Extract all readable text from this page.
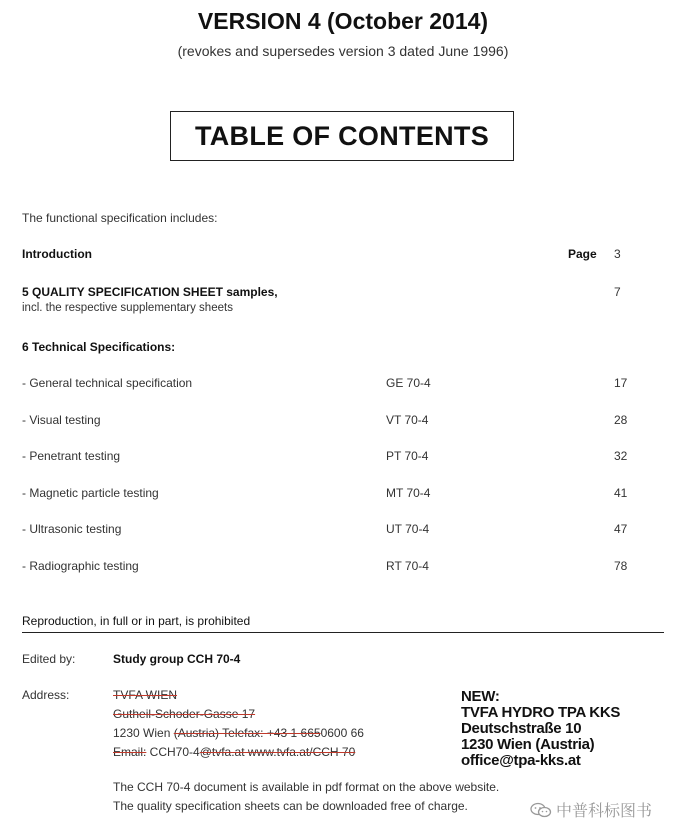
VERSION 4 (October 2014)
(revokes and supersedes version 3 dated June 1996)
TABLE OF CONTENTS
The functional specification includes:
Introduction	Page 3
5 QUALITY SPECIFICATION SHEET samples,
incl. the respective supplementary sheets
7
6 Technical Specifications:
- General technical specification	GE 70-4	17
- Visual testing	VT 70-4	28
- Penetrant testing	PT 70-4	32
- Magnetic particle testing	MT 70-4	41
- Ultrasonic testing	UT 70-4	47
- Radiographic testing	RT 70-4	78
Reproduction, in full or in part, is prohibited
Edited by:	Study group CCH 70-4
Address:	TVFA WIEN
Gutheil-Schoder-Gasse 17
1230 Wien (Austria) Telefax: +43 1 6650600 66
Email: CCH70-4@tvfa.at www.tvfa.at/CCH 70
NEW:
TVFA HYDRO TPA KKS
Deutschstraße 10
1230 Wien (Austria)
office@tpa-kks.at
The CCH 70-4 document is available in pdf format on the above website.
The quality specification sheets can be downloaded free of charge.	中普科标图书
